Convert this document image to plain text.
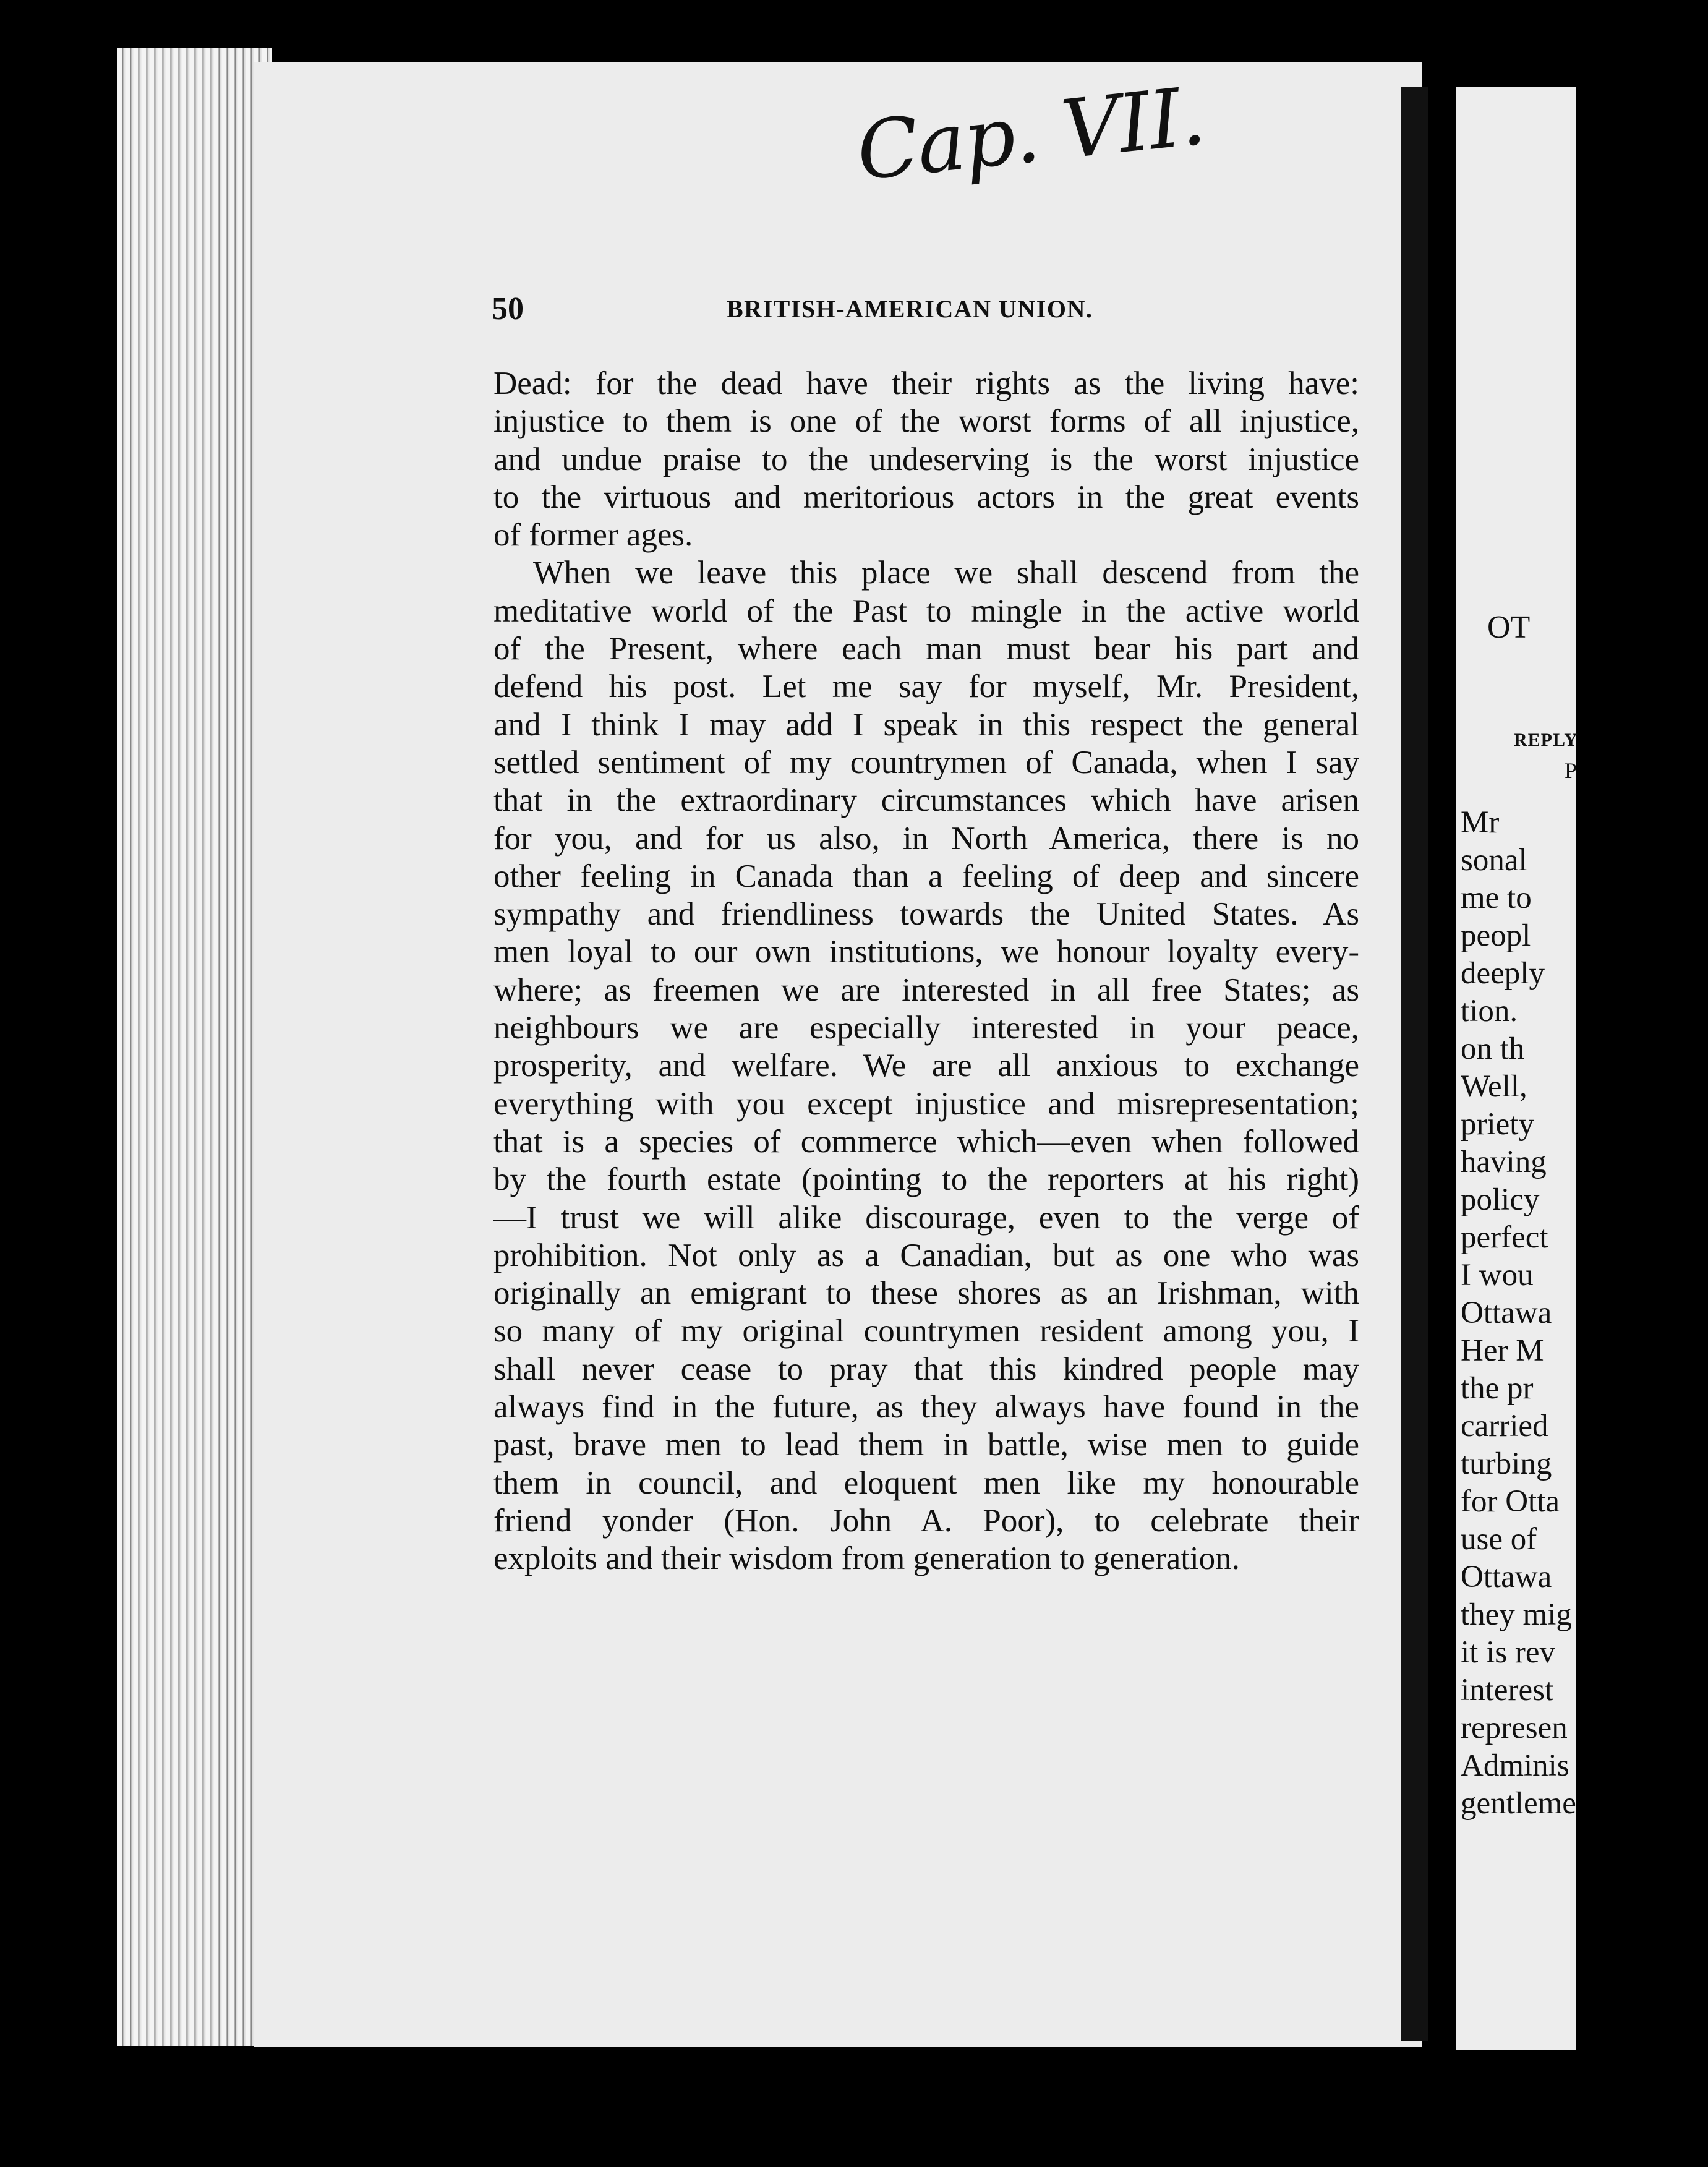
OT
REPLY
P
Mr
sonal
me to
peopl
deeply
tion.
on th
Well,
priety
having
policy
perfect
I wou
Ottawa
Her M
the pr
carried
turbing
for Otta
use of
Ottawa
they mig
it is rev
interest
represen
Adminis
gentleme
Cap. VII.
50	BRITISH-AMERICAN UNION.
Dead: for the dead have their rights as the living have:
injustice to them is one of the worst forms of all injustice,
and undue praise to the undeserving is the worst injustice
to the virtuous and meritorious actors in the great events
of former ages.
When we leave this place we shall descend from the
meditative world of the Past to mingle in the active world
of the Present, where each man must bear his part and
defend his post. Let me say for myself, Mr. President,
and I think I may add I speak in this respect the general
settled sentiment of my countrymen of Canada, when I say
that in the extraordinary circumstances which have arisen
for you, and for us also, in North America, there is no
other feeling in Canada than a feeling of deep and sincere
sympathy and friendliness towards the United States. As
men loyal to our own institutions, we honour loyalty every-
where; as freemen we are interested in all free States; as
neighbours we are especially interested in your peace,
prosperity, and welfare. We are all anxious to exchange
everything with you except injustice and misrepresentation;
that is a species of commerce which—even when followed
by the fourth estate (pointing to the reporters at his right)
—I trust we will alike discourage, even to the verge of
prohibition. Not only as a Canadian, but as one who was
originally an emigrant to these shores as an Irishman, with
so many of my original countrymen resident among you, I
shall never cease to pray that this kindred people may
always find in the future, as they always have found in the
past, brave men to lead them in battle, wise men to guide
them in council, and eloquent men like my honourable
friend yonder (Hon. John A. Poor), to celebrate their
exploits and their wisdom from generation to generation.
